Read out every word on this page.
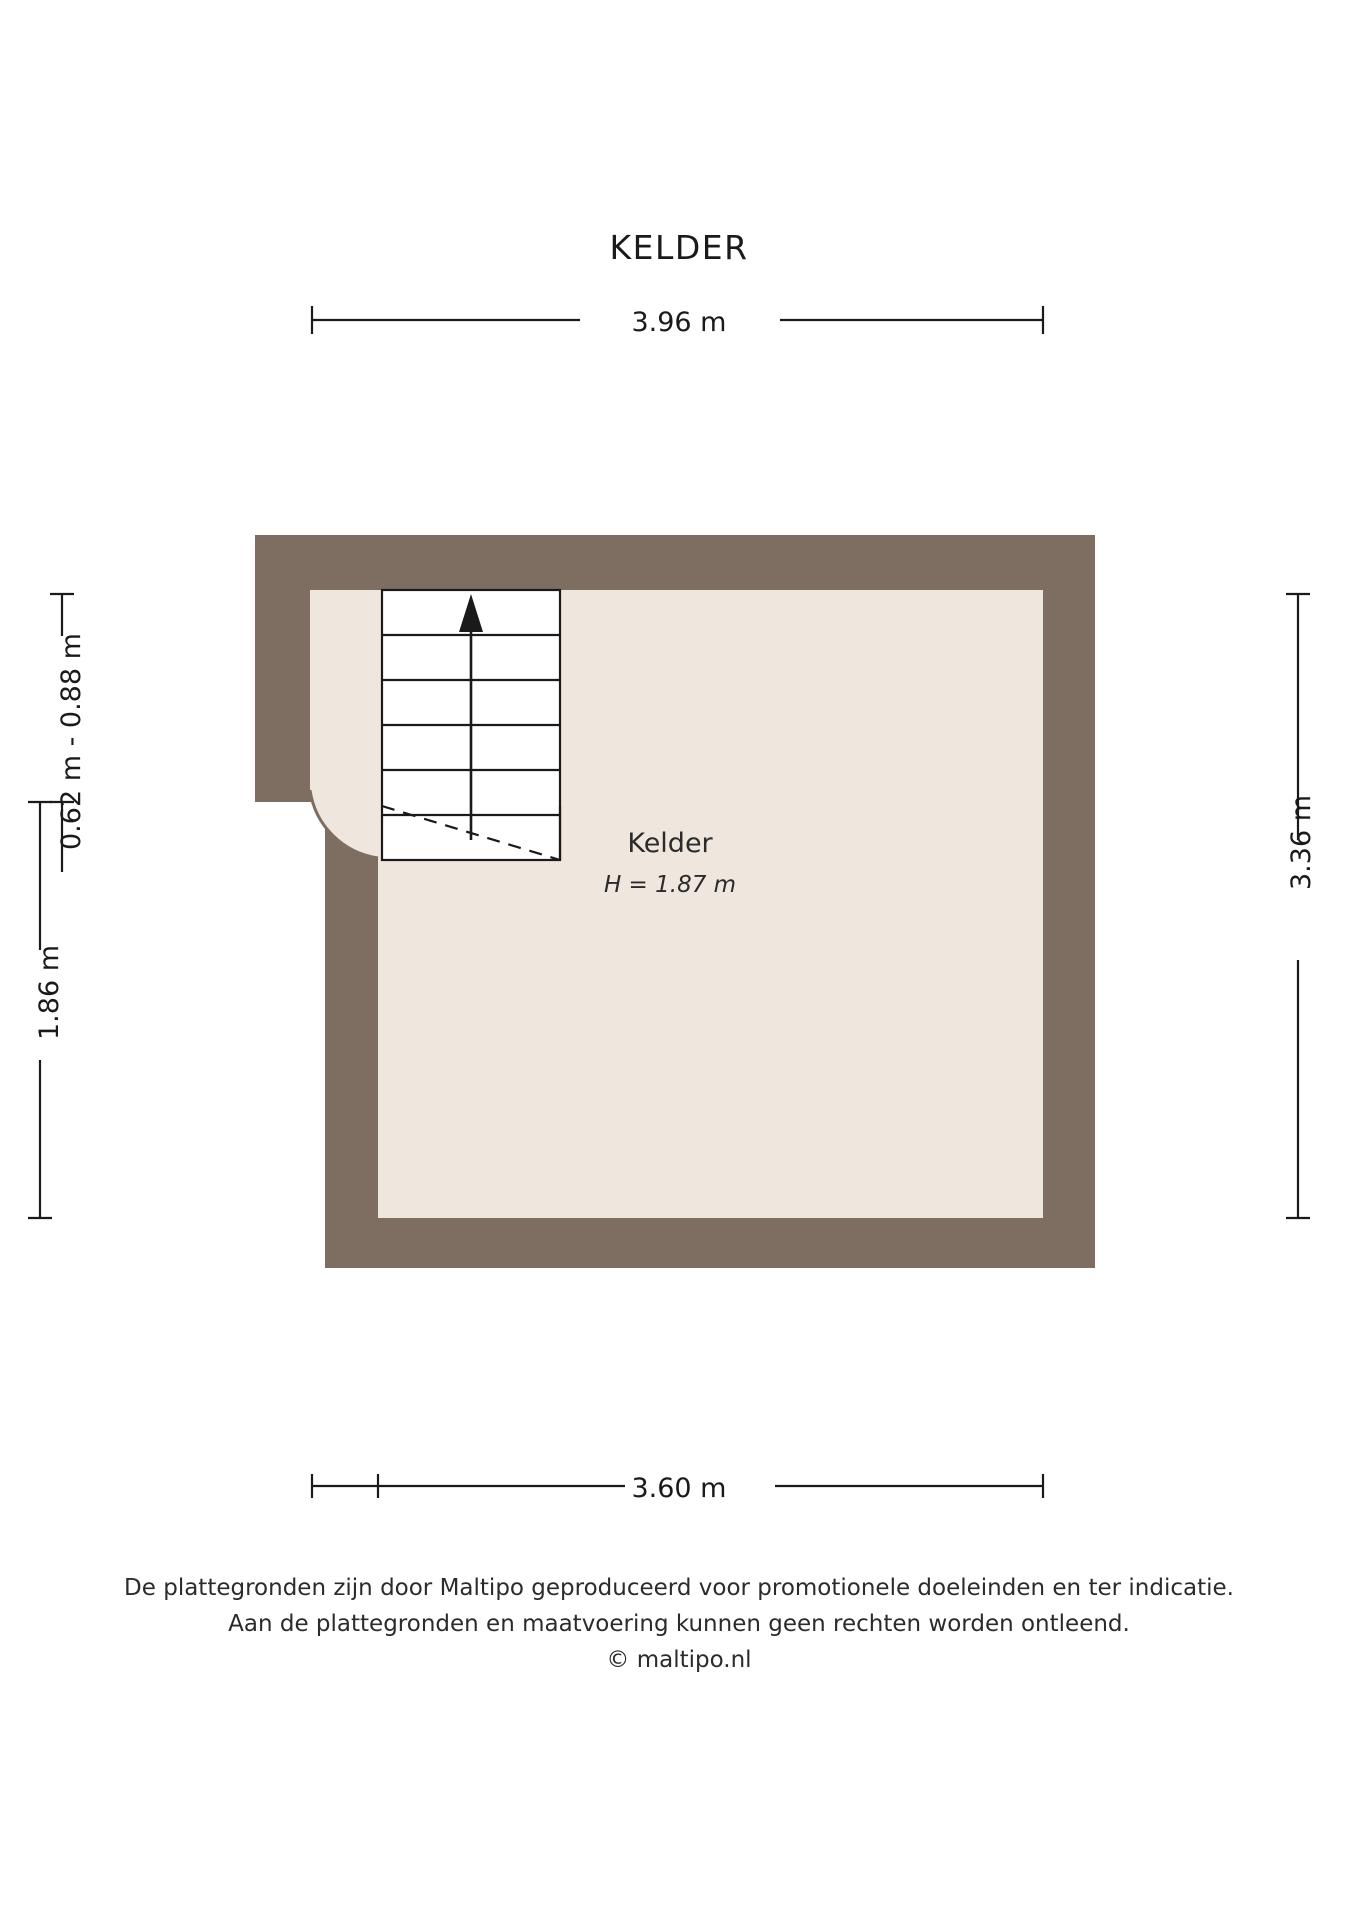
KELDER
3.96 m
3.60 m
3.36 m
1.86 m
0.62 m - 0.88 m	Kelder
H = 1.87 m
De plattegronden zijn door Maltipo geproduceerd voor promotionele doeleinden en ter indicatie.
Aan de plattegronden en maatvoering kunnen geen rechten worden ontleend.
© maltipo.nl
